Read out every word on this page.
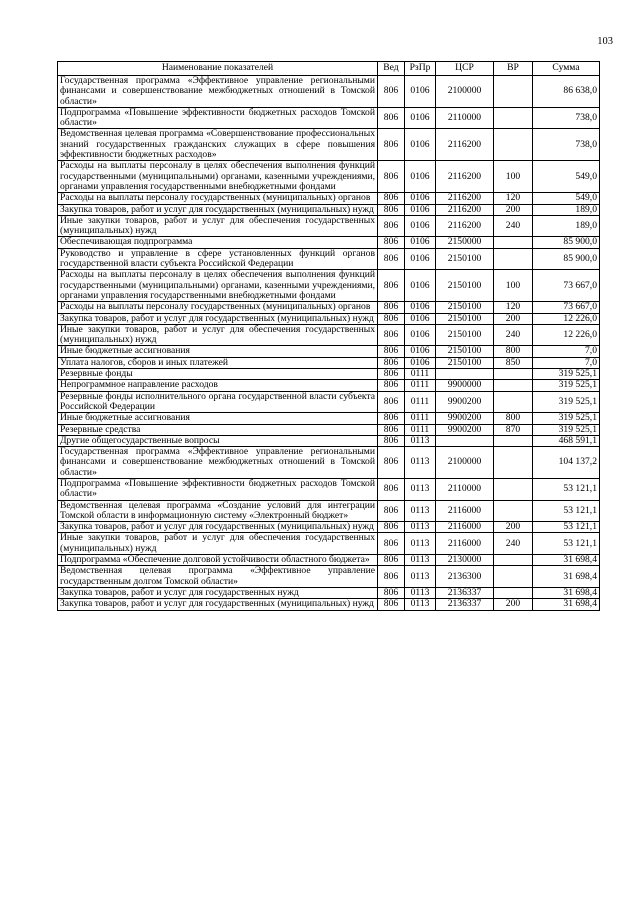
103
Наименование показателей	Вед	РзПр	ЦСР	ВР	Сумма
Государственная программа «Эффективное управление региональными финансами и совершенствование межбюджетных отношений в Томской области»	806	0106	2100000		86 638,0
Подпрограмма «Повышение эффективности бюджетных расходов Томской области»	806	0106	2110000		738,0
Ведомственная целевая программа «Совершенствование профессиональных знаний государственных гражданских служащих в сфере повышения эффективности бюджетных расходов»	806	0106	2116200		738,0
Расходы на выплаты персоналу в целях обеспечения выполнения функций государственными (муниципальными) органами, казенными учреждениями, органами управления государственными внебюджетными фондами	806	0106	2116200	100	549,0
Расходы на выплаты персоналу государственных (муниципальных) органов	806	0106	2116200	120	549,0
Закупка товаров, работ и услуг для государственных (муниципальных) нужд	806	0106	2116200	200	189,0
Иные закупки товаров, работ и услуг для обеспечения государственных (муниципальных) нужд	806	0106	2116200	240	189,0
Обеспечивающая подпрограмма	806	0106	2150000		85 900,0
Руководство и управление в сфере установленных функций органов государственной власти субъекта Российской Федерации	806	0106	2150100		85 900,0
Расходы на выплаты персоналу в целях обеспечения выполнения функций государственными (муниципальными) органами, казенными учреждениями, органами управления государственными внебюджетными фондами	806	0106	2150100	100	73 667,0
Расходы на выплаты персоналу государственных (муниципальных) органов	806	0106	2150100	120	73 667,0
Закупка товаров, работ и услуг для государственных (муниципальных) нужд	806	0106	2150100	200	12 226,0
Иные закупки товаров, работ и услуг для обеспечения государственных (муниципальных) нужд	806	0106	2150100	240	12 226,0
Иные бюджетные ассигнования	806	0106	2150100	800	7,0
Уплата налогов, сборов и иных платежей	806	0106	2150100	850	7,0
Резервные фонды	806	0111			319 525,1
Непрограммное направление расходов	806	0111	9900000		319 525,1
Резервные фонды исполнительного органа государственной власти субъекта Российской Федерации	806	0111	9900200		319 525,1
Иные бюджетные ассигнования	806	0111	9900200	800	319 525,1
Резервные средства	806	0111	9900200	870	319 525,1
Другие общегосударственные вопросы	806	0113			468 591,1
Государственная программа «Эффективное управление региональными финансами и совершенствование межбюджетных отношений в Томской области»	806	0113	2100000		104 137,2
Подпрограмма «Повышение эффективности бюджетных расходов Томской области»	806	0113	2110000		53 121,1
Ведомственная целевая программа «Создание условий для интеграции Томской области в информационную систему «Электронный бюджет»	806	0113	2116000		53 121,1
Закупка товаров, работ и услуг для государственных (муниципальных) нужд	806	0113	2116000	200	53 121,1
Иные закупки товаров, работ и услуг для обеспечения государственных (муниципальных) нужд	806	0113	2116000	240	53 121,1
Подпрограмма «Обеспечение долговой устойчивости областного бюджета»	806	0113	2130000		31 698,4
Ведомственная целевая программа «Эффективное управление государственным долгом Томской области»	806	0113	2136300		31 698,4
Закупка товаров, работ и услуг для государственных нужд	806	0113	2136337		31 698,4
Закупка товаров, работ и услуг для государственных (муниципальных) нужд	806	0113	2136337	200	31 698,4
